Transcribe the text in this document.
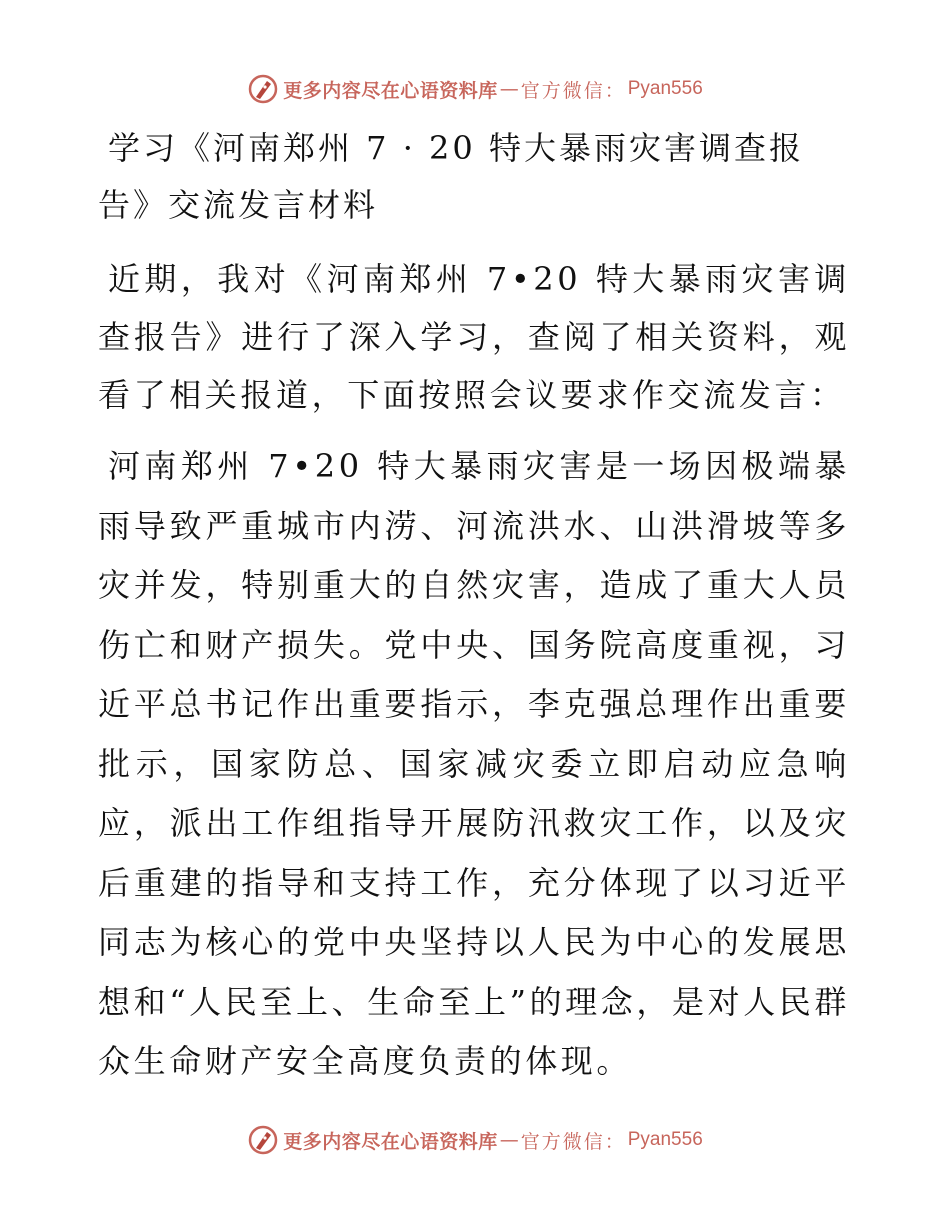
更多内容尽在心语资料库 — 官方微信： Pyan556
学习《河南郑州 7 · 20 特大暴雨灾害调查报告》交流发言材料
近期，我对《河南郑州 7•20 特大暴雨灾害调查报告》进行了深入学习，查阅了相关资料，观看了相关报道，下面按照会议要求作交流发言：
河南郑州 7•20 特大暴雨灾害是一场因极端暴雨导致严重城市内涝、河流洪水、山洪滑坡等多灾并发，特别重大的自然灾害，造成了重大人员伤亡和财产损失。党中央、国务院高度重视，习近平总书记作出重要指示，李克强总理作出重要批示，国家防总、国家减灾委立即启动应急响应，派出工作组指导开展防汛救灾工作，以及灾后重建的指导和支持工作，充分体现了以习近平同志为核心的党中央坚持以人民为中心的发展思想和“人民至上、生命至上”的理念，是对人民群众生命财产安全高度负责的体现。
更多内容尽在心语资料库 — 官方微信： Pyan556
